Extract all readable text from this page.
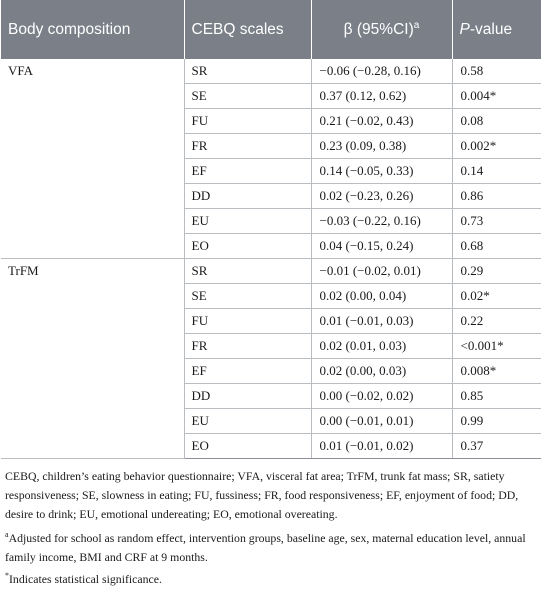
Body composition	CEBQ scales	β $(95\%CI)^a$	P-value
VFA	SR	−0.06 (−0.28, 0.16)	0.58
	SE	0.37 (0.12, 0.62)	0.004*
	FU	0.21 (−0.02, 0.43)	0.08
	FR	0.23 (0.09, 0.38)	0.002*
	EF	0.14 (−0.05, 0.33)	0.14
	DD	0.02 (−0.23, 0.26)	0.86
	EU	−0.03 (−0.22, 0.16)	0.73
	EO	0.04 (−0.15, 0.24)	0.68
TrFM	SR	−0.01 (−0.02, 0.01)	0.29
	SE	0.02 (0.00, 0.04)	0.02*
	FU	0.01 (−0.01, 0.03)	0.22
	FR	0.02 (0.01, 0.03)	<0.001*
	EF	0.02 (0.00, 0.03)	0.008*
	DD	0.00 (−0.02, 0.02)	0.85
	EU	0.00 (−0.01, 0.01)	0.99
	EO	0.01 (−0.01, 0.02)	0.37

CEBQ, children’s eating behavior questionnaire; VFA, visceral fat area; TrFM, trunk fat mass; SR, satiety responsiveness; SE, slowness in eating; FU, fussiness; FR, food responsiveness; EF, enjoyment of food; DD, desire to drink; EU, emotional undereating; EO, emotional overeating.

$^a$Adjusted for school as random effect, intervention groups, baseline age, sex, maternal education level, annual family income, BMI and CRF at 9 months.

*Indicates statistical significance.
